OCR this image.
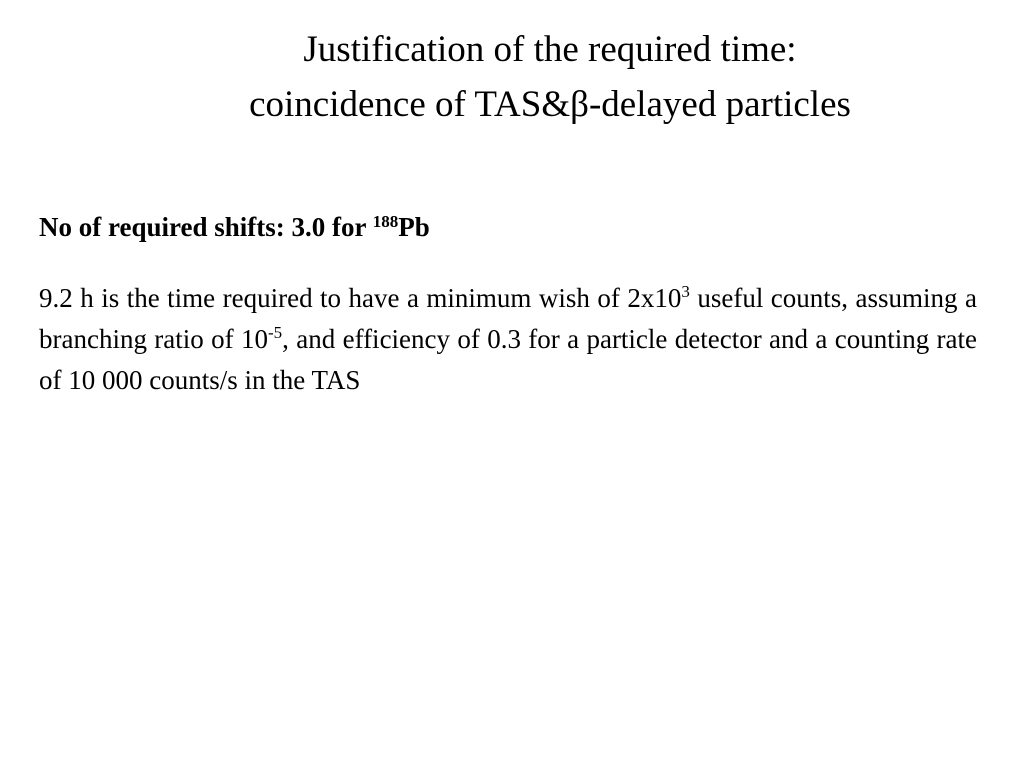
Justification of the required time:
coincidence of TAS&β-delayed particles

No of required shifts: 3.0 for $^{188}$Pb

9.2 h is the time required to have a minimum wish of $2x10^3$ useful counts, assuming a branching ratio of $10^{-5}$, and efficiency of 0.3 for a particle detector and a counting rate of 10 000 counts/s in the TAS
